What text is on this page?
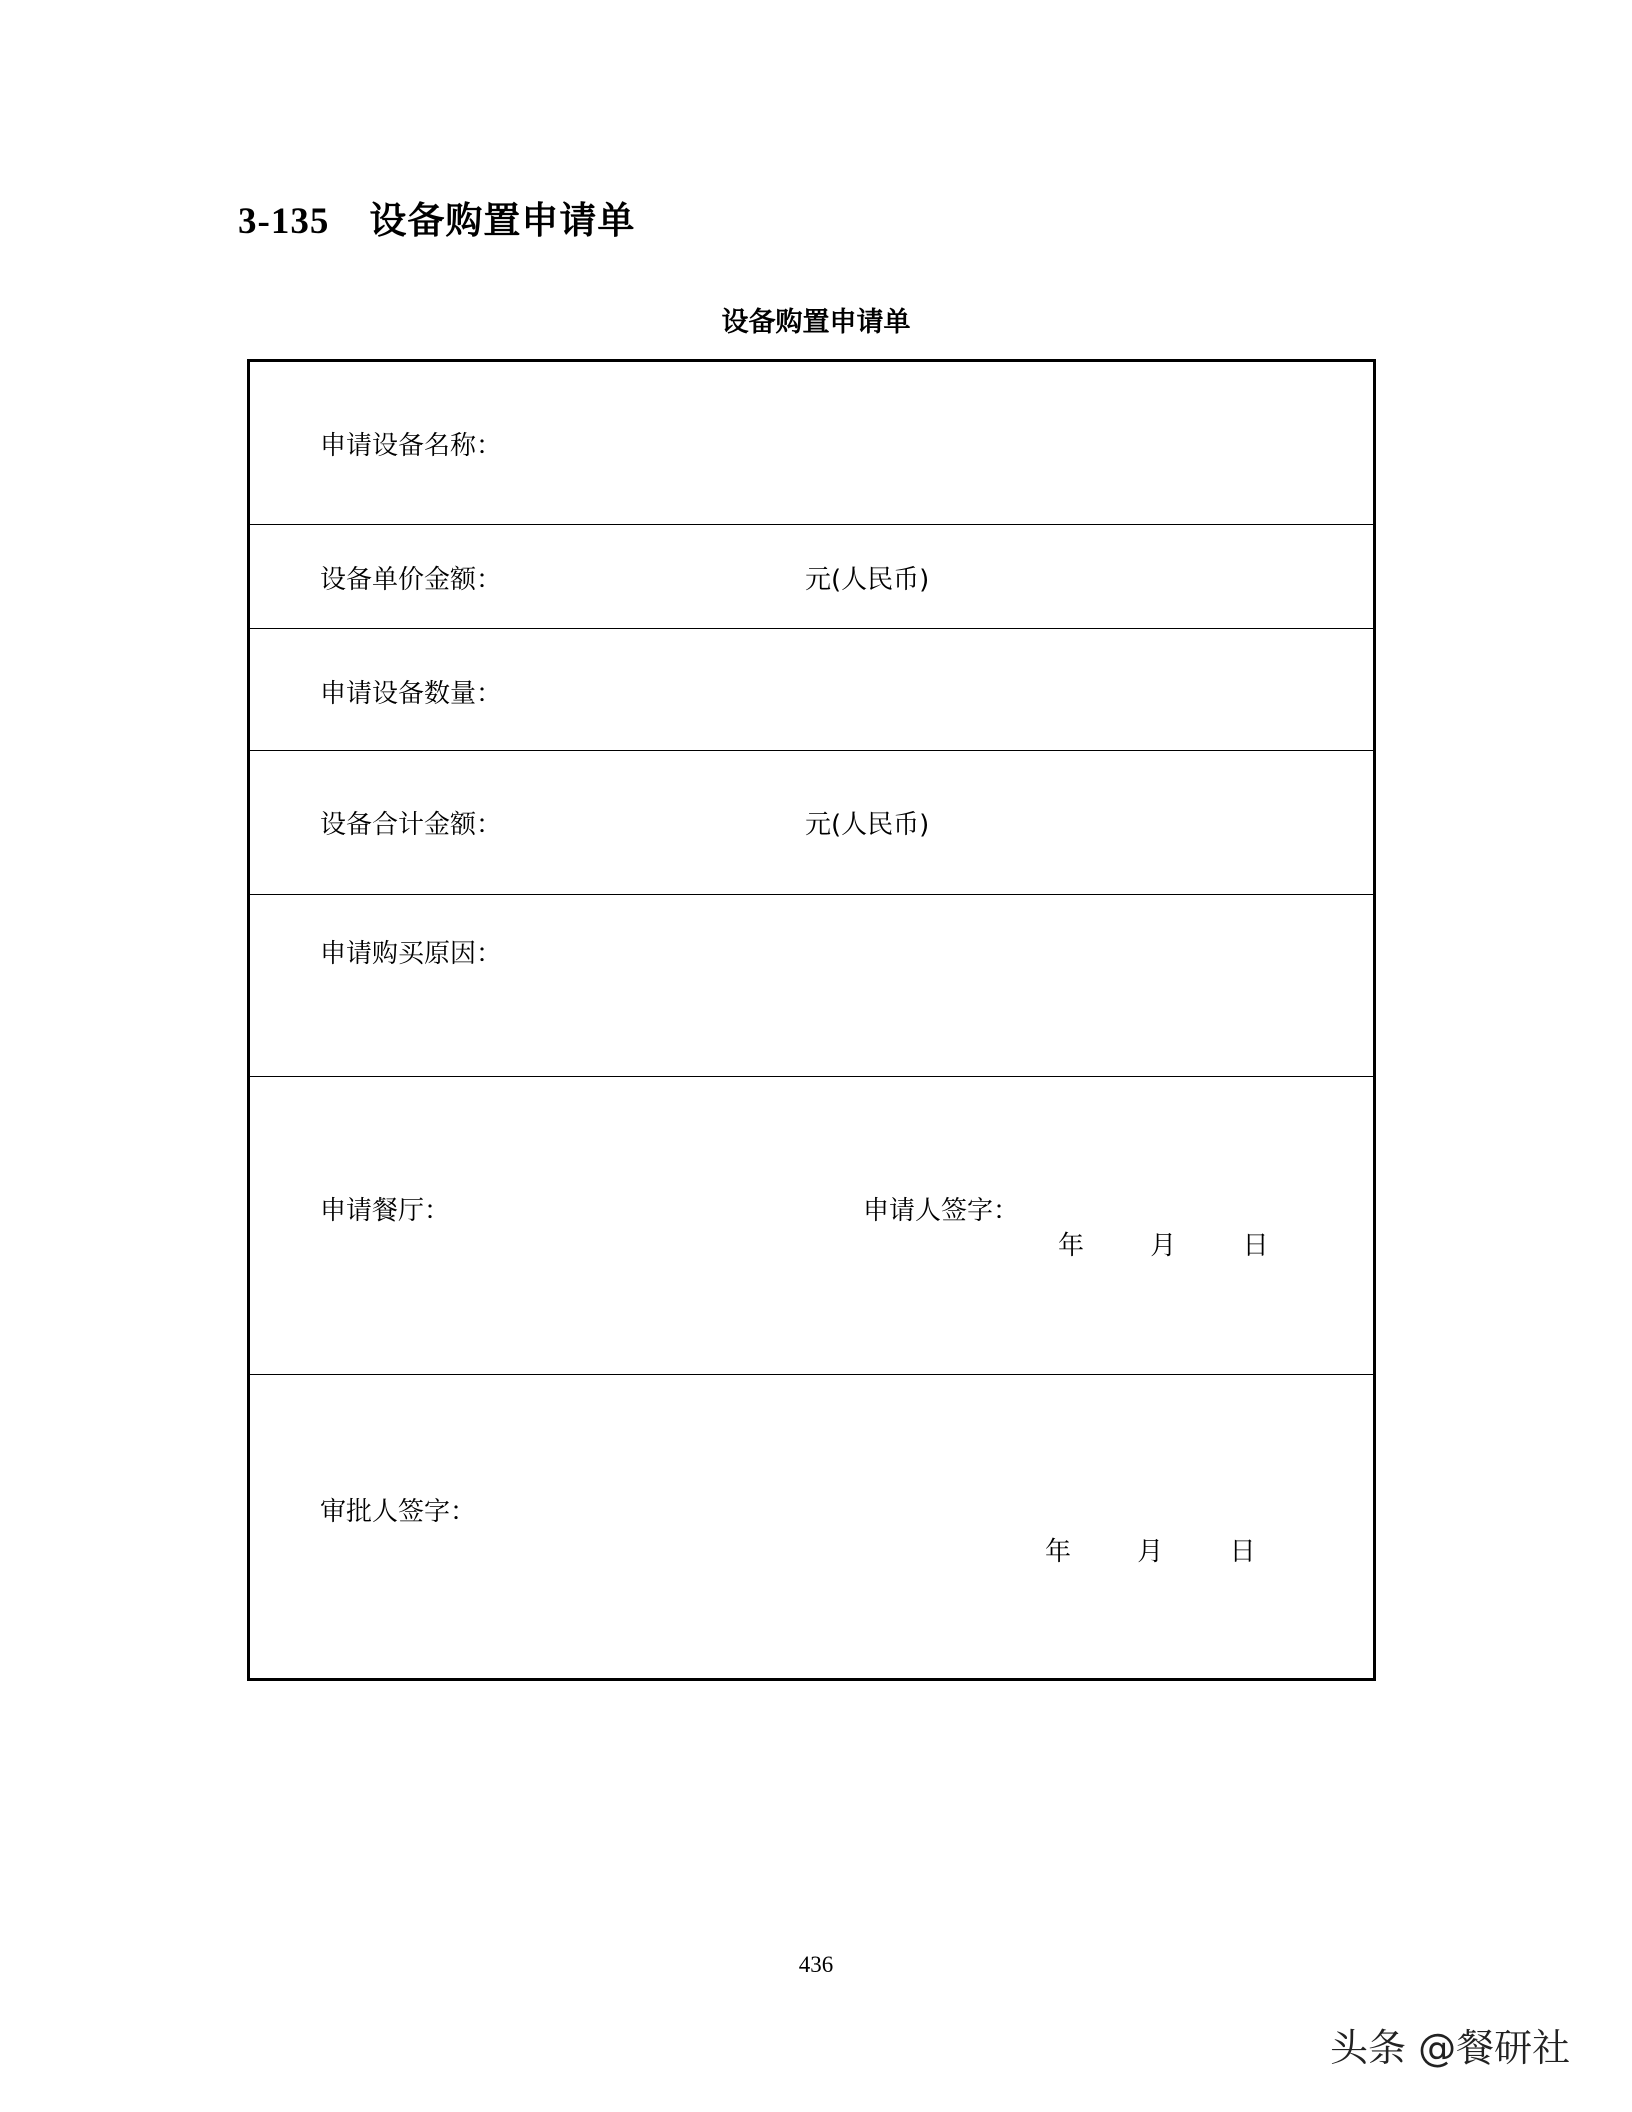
3-135 设备购置申请单
设备购置申请单
申请设备名称：
设备单价金额：	元(人民币)
申请设备数量：
设备合计金额：	元(人民币)
申请购买原因：
申请餐厅：	申请人签字：
年	月	日
审批人签字：
年	月	日
436
头条 @餐研社
